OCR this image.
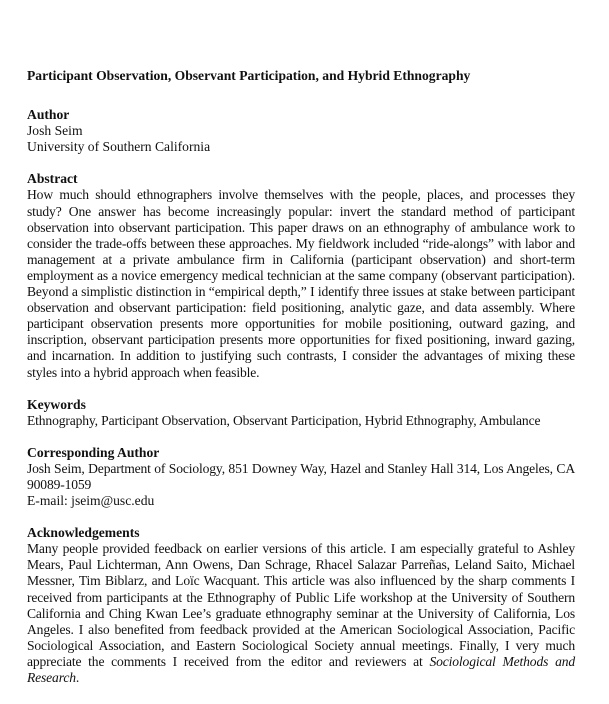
Participant Observation, Observant Participation, and Hybrid Ethnography

Author

Josh Seim

University of Southern California

Abstract

How much should ethnographers involve themselves with the people, places, and processes they study? One answer has become increasingly popular: invert the standard method of participant observation into observant participation. This paper draws on an ethnography of ambulance work to consider the trade-offs between these approaches. My fieldwork included “ride-alongs” with labor and management at a private ambulance firm in California (participant observation) and short-term employment as a novice emergency medical technician at the same company (observant participation). Beyond a simplistic distinction in “empirical depth,” I identify three issues at stake between participant observation and observant participation: field positioning, analytic gaze, and data assembly. Where participant observation presents more opportunities for mobile positioning, outward gazing, and inscription, observant participation presents more opportunities for fixed positioning, inward gazing, and incarnation. In addition to justifying such contrasts, I consider the advantages of mixing these styles into a hybrid approach when feasible.

Keywords

Ethnography, Participant Observation, Observant Participation, Hybrid Ethnography, Ambulance

Corresponding Author

Josh Seim, Department of Sociology, 851 Downey Way, Hazel and Stanley Hall 314, Los Angeles, CA 90089-1059

E-mail: jseim@usc.edu

Acknowledgements

Many people provided feedback on earlier versions of this article. I am especially grateful to Ashley Mears, Paul Lichterman, Ann Owens, Dan Schrage, Rhacel Salazar Parreñas, Leland Saito, Michael Messner, Tim Biblarz, and Loïc Wacquant. This article was also influenced by the sharp comments I received from participants at the Ethnography of Public Life workshop at the University of Southern California and Ching Kwan Lee’s graduate ethnography seminar at the University of California, Los Angeles. I also benefited from feedback provided at the American Sociological Association, Pacific Sociological Association, and Eastern Sociological Society annual meetings. Finally, I very much appreciate the comments I received from the editor and reviewers at Sociological Methods and Research.
